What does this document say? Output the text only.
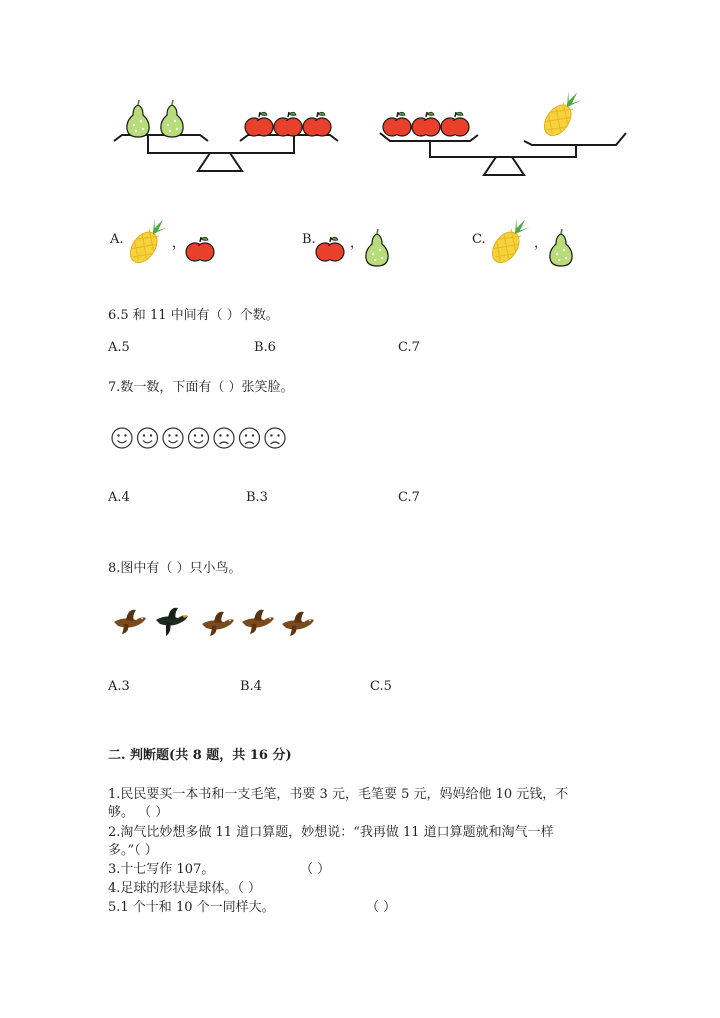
A.	，	B.	，	C.	，
6.5 和 11 中间有（ ）个数。
A.5	B.6	C.7
7.数一数，下面有（ ）张笑脸。
A.4	B.3	C.7
8.图中有（ ）只小鸟。
A.3	B.4	C.5
二. 判断题(共 8 题，共 16 分)
1.民民要买一本书和一支毛笔，书要 3 元，毛笔要 5 元，妈妈给他 10 元钱，不
够。 （ ）
2.淘气比妙想多做 11 道口算题，妙想说：“我再做 11 道口算题就和淘气一样
多。”（ ）
3.十七写作 107。	（ ）
4.足球的形状是球体。（ ）
5.1 个十和 10 个一同样大。	（ ）
